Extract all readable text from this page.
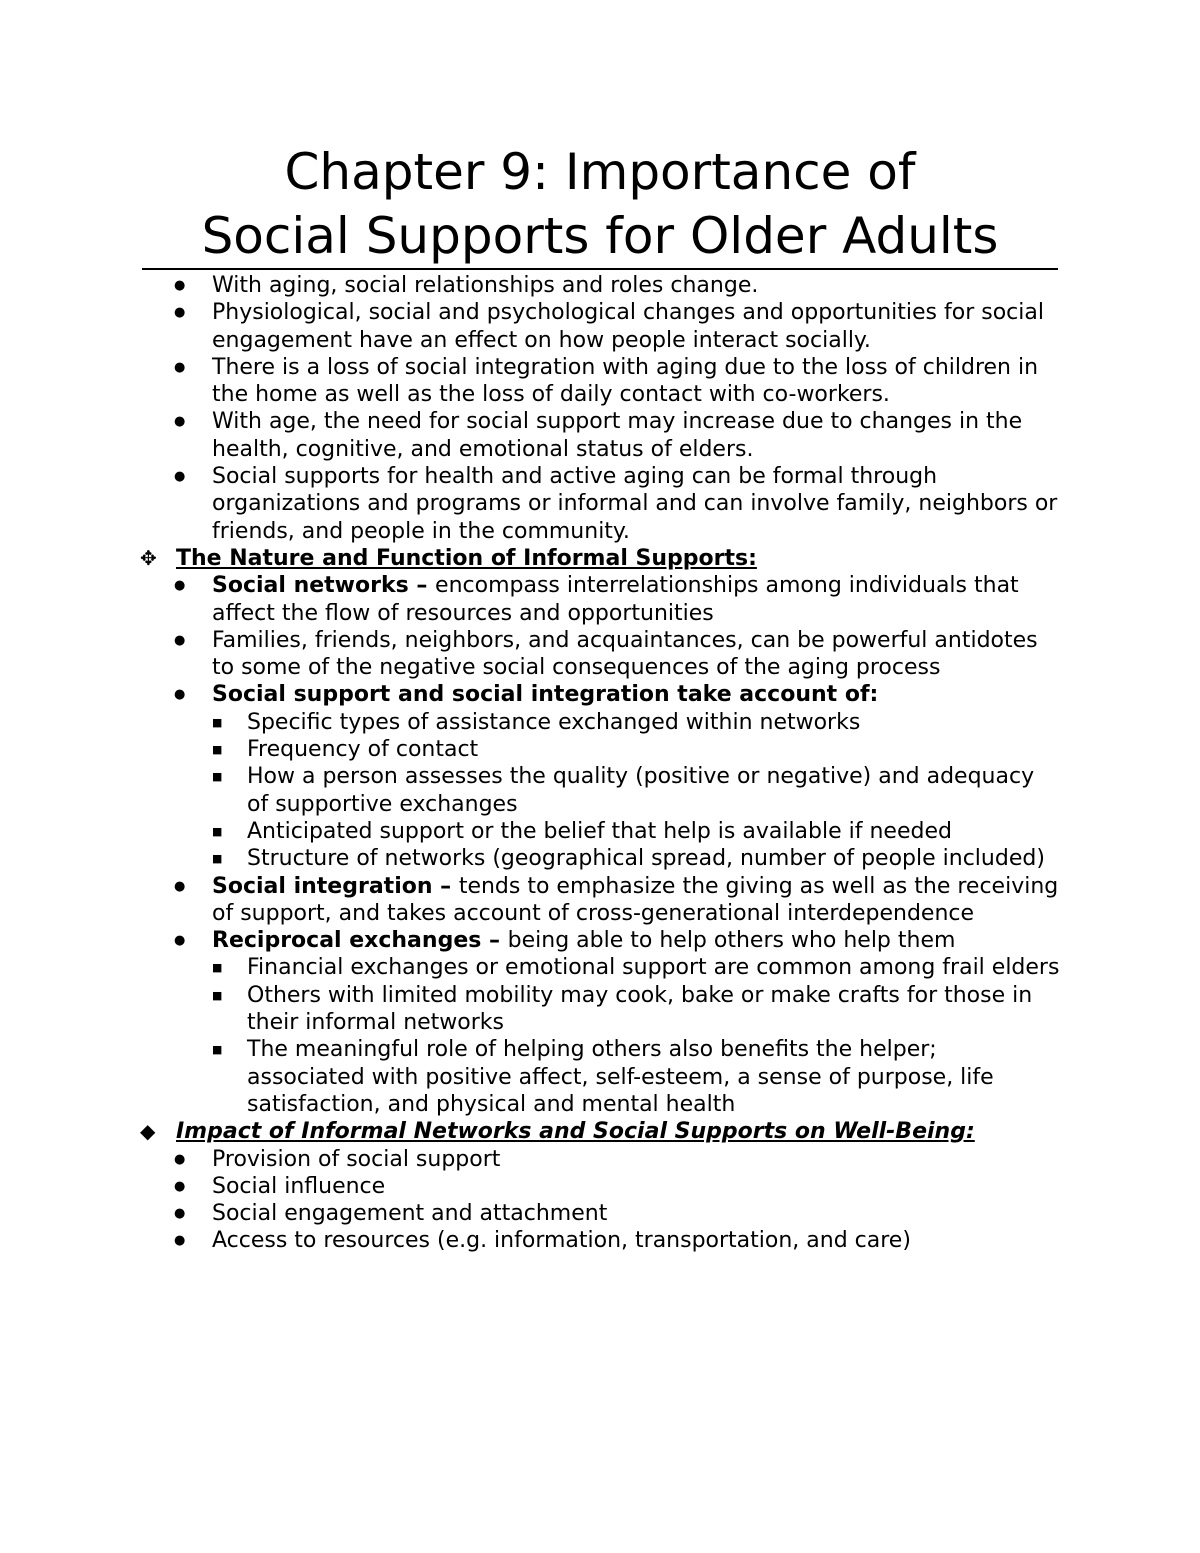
Chapter 9: Importance of
Social Supports for Older Adults
● With aging, social relationships and roles change.
● Physiological, social and psychological changes and opportunities for social engagement have an effect on how people interact socially.
● There is a loss of social integration with aging due to the loss of children in the home as well as the loss of daily contact with co-workers.
● With age, the need for social support may increase due to changes in the health, cognitive, and emotional status of elders.
● Social supports for health and active aging can be formal through organizations and programs or informal and can involve family, neighbors or friends, and people in the community.
✥ The Nature and Function of Informal Supports:
● Social networks – encompass interrelationships among individuals that affect the flow of resources and opportunities
● Families, friends, neighbors, and acquaintances, can be powerful antidotes to some of the negative social consequences of the aging process
● Social support and social integration take account of:
■ Specific types of assistance exchanged within networks
■ Frequency of contact
■ How a person assesses the quality (positive or negative) and adequacy of supportive exchanges
■ Anticipated support or the belief that help is available if needed
■ Structure of networks (geographical spread, number of people included)
● Social integration – tends to emphasize the giving as well as the receiving of support, and takes account of cross-generational interdependence
● Reciprocal exchanges – being able to help others who help them
■ Financial exchanges or emotional support are common among frail elders
■ Others with limited mobility may cook, bake or make crafts for those in their informal networks
■ The meaningful role of helping others also benefits the helper; associated with positive affect, self-esteem, a sense of purpose, life satisfaction, and physical and mental health
◆ Impact of Informal Networks and Social Supports on Well-Being:
● Provision of social support
● Social influence
● Social engagement and attachment
● Access to resources (e.g. information, transportation, and care)
